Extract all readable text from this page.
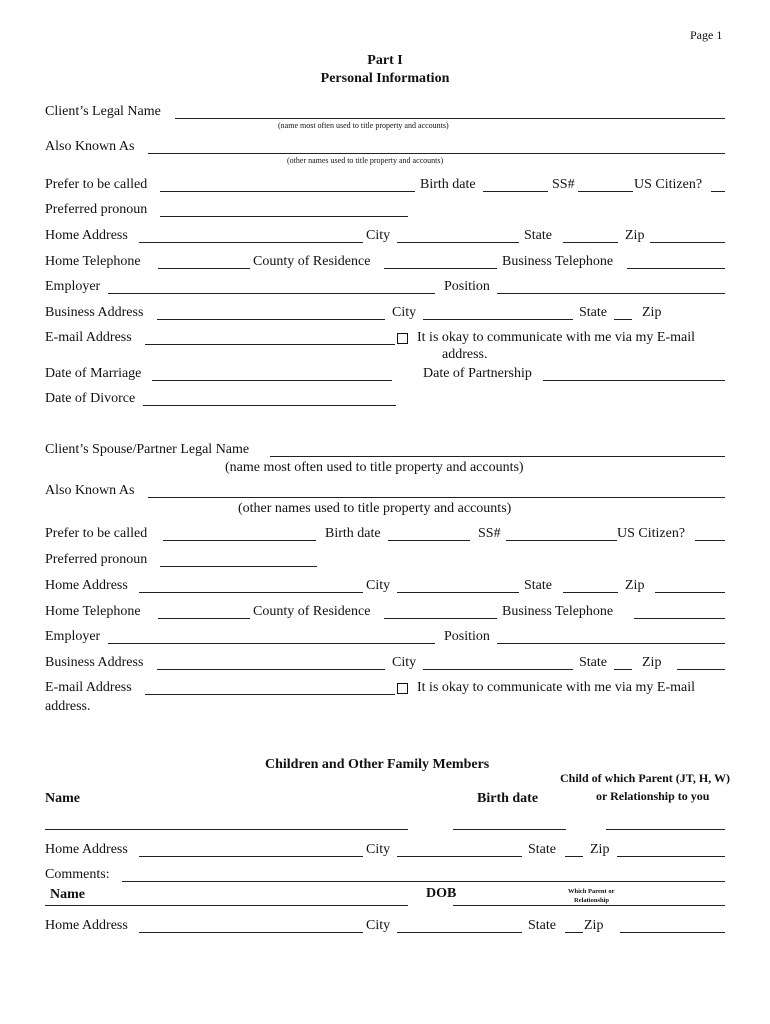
Page 1
Part I
Personal Information
Client’s Legal Name
(name most often used to title property and accounts)
Also Known As
(other names used to title property and accounts)
Prefer to be called	Birth date	SS#	US Citizen?
Preferred pronoun
Home Address	City	State	Zip
Home Telephone	County of Residence	Business Telephone
Employer	Position
Business Address	City	State	Zip
E-mail Address	It is okay to communicate with me via my E-mail
address.
Date of Marriage	Date of Partnership
Date of Divorce
Client’s Spouse/Partner Legal Name
(name most often used to title property and accounts)
Also Known As
(other names used to title property and accounts)
Prefer to be called	Birth date	SS#	US Citizen?
Preferred pronoun
Home Address	City	State	Zip
Home Telephone	County of Residence	Business Telephone
Employer	Position
Business Address	City	State	Zip
E-mail Address	It is okay to communicate with me via my E-mail
address.
Children and Other Family Members
Child of which Parent (JT, H, W)
or Relationship to you
Name	Birth date
Home Address	City	State Zip
Comments:
Name	DOB	Which Parent or
Relationship
Home Address	City	State Zip
